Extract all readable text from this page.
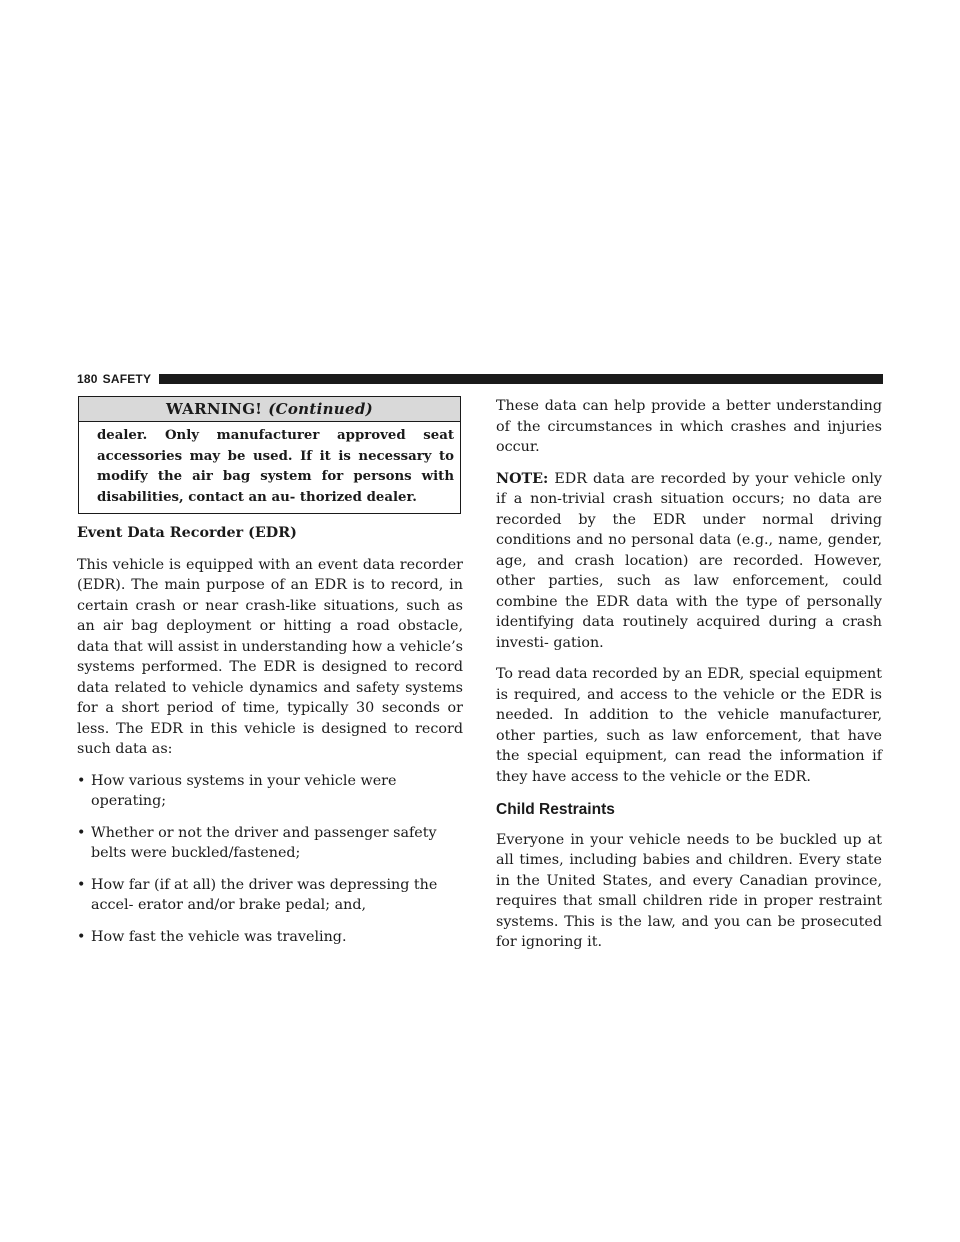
180 SAFETY
WARNING! (Continued)
dealer. Only manufacturer approved seat accessories may be used. If it is necessary to modify the air bag system for persons with disabilities, contact an au- thorized dealer.
Event Data Recorder (EDR)

This vehicle is equipped with an event data recorder (EDR). The main purpose of an EDR is to record, in certain crash or near crash-like situations, such as an air bag deployment or hitting a road obstacle, data that will assist in understanding how a vehicle’s systems performed. The EDR is designed to record data related to vehicle dynamics and safety systems for a short period of time, typically 30 seconds or less. The EDR in this vehicle is designed to record such data as:

• How various systems in your vehicle were operating;
• Whether or not the driver and passenger safety belts were buckled/fastened;
• How far (if at all) the driver was depressing the accel- erator and/or brake pedal; and,
• How fast the vehicle was traveling.

These data can help provide a better understanding of the circumstances in which crashes and injuries occur.

NOTE: EDR data are recorded by your vehicle only if a non-trivial crash situation occurs; no data are recorded by the EDR under normal driving conditions and no personal data (e.g., name, gender, age, and crash location) are recorded. However, other parties, such as law enforcement, could combine the EDR data with the type of personally identifying data routinely acquired during a crash investi- gation.

To read data recorded by an EDR, special equipment is required, and access to the vehicle or the EDR is needed. In addition to the vehicle manufacturer, other parties, such as law enforcement, that have the special equipment, can read the information if they have access to the vehicle or the EDR.

Child Restraints

Everyone in your vehicle needs to be buckled up at all times, including babies and children. Every state in the United States, and every Canadian province, requires that small children ride in proper restraint systems. This is the law, and you can be prosecuted for ignoring it.
